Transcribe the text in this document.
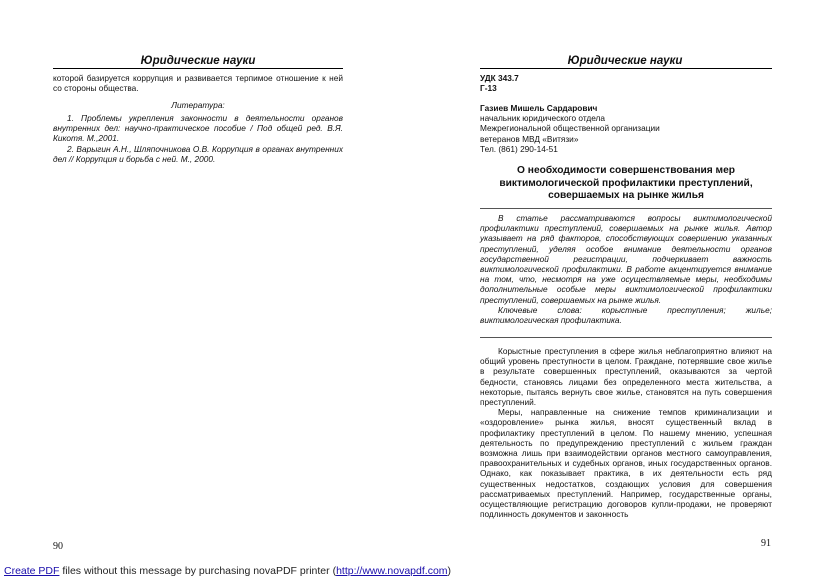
Юридические науки
которой базируется коррупция и развивается терпимое отношение к ней со стороны общества.
Литература:

1. Проблемы укрепления законности в деятельности органов внутренних дел: научно-практическое пособие / Под общей ред. В.Я. Кикотя. М.,2001.

2. Варыгин А.Н., Шляпочникова О.В. Коррупция в органах внутренних дел // Коррупция и борьба с ней. М., 2000.

90
Юридические науки
УДК 343.7
Г-13
Газиев Мишель Сардарович
начальник юридического отдела
Межрегиональной общественной организации
ветеранов МВД «Витязи»
Тел. (861) 290-14-51
О необходимости совершенствования мер
виктимологической профилактики преступлений,
совершаемых на рынке жилья

В статье рассматриваются вопросы виктимологической профилактики преступлений, совершаемых на рынке жилья. Автор указывает на ряд факторов, способствующих совершению указанных преступлений, уделяя особое внимание деятельности органов государственной регистрации, подчеркивает важность виктимологической профилактики. В работе акцентируется внимание на том, что, несмотря на уже осуществляемые меры, необходимы дополнительные особые меры виктимологической профилактики преступлений, совершаемых на рынке жилья.

Ключевые слова: корыстные преступления; жилье; виктимологическая профилактика.

Корыстные преступления в сфере жилья неблагоприятно влияют на общий уровень преступности в целом. Граждане, потерявшие свое жилье в результате совершенных преступлений, оказываются за чертой бедности, становясь лицами без определенного места жительства, а некоторые, пытаясь вернуть свое жилье, становятся на путь совершения преступлений.

Меры, направленные на снижение темпов криминализации и «оздоровление» рынка жилья, вносят существенный вклад в профилактику преступлений в целом. По нашему мнению, успешная деятельность по предупреждению преступлений с жильем граждан возможна лишь при взаимодействии органов местного самоуправления, правоохранительных и судебных органов, иных государственных органов. Однако, как показывает практика, в их деятельности есть ряд существенных недостатков, создающих условия для совершения рассматриваемых преступлений. Например, государственные органы, осуществляющие регистрацию договоров купли-продажи, не проверяют подлинность документов и законность

91
Create PDF files without this message by purchasing novaPDF printer (http://www.novapdf.com)
